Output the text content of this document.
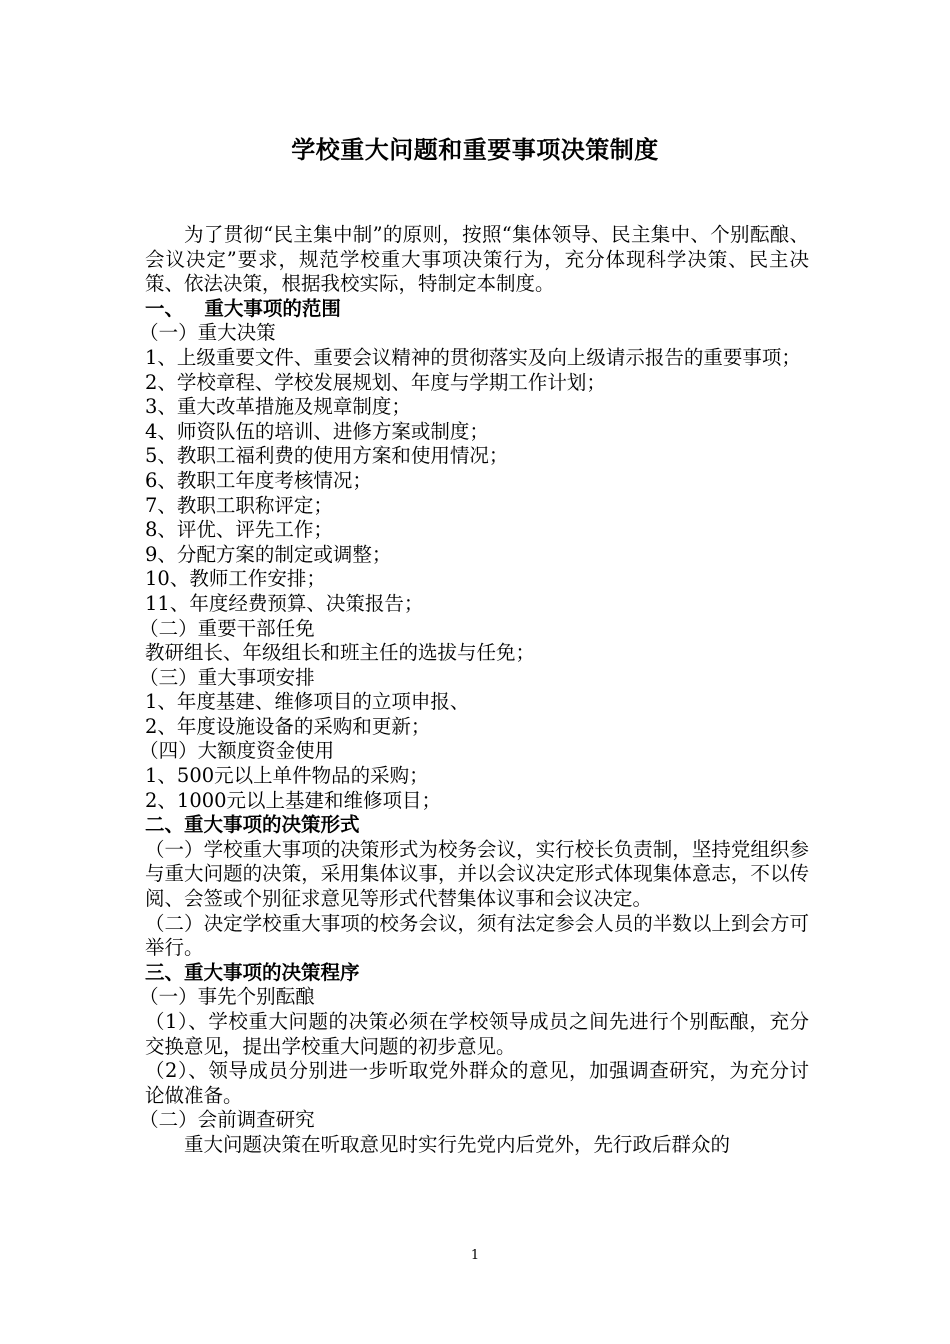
学校重大问题和重要事项决策制度

为了贯彻“民主集中制”的原则，按照“集体领导、民主集中、个别酝酿、会议决定”要求，规范学校重大事项决策行为，充分体现科学决策、民主决策、依法决策，根据我校实际，特制定本制度。

一、   重大事项的范围

（一）重大决策

1、上级重要文件、重要会议精神的贯彻落实及向上级请示报告的重要事项；

2、学校章程、学校发展规划、年度与学期工作计划；

3、重大改革措施及规章制度；

4、师资队伍的培训、进修方案或制度；

5、教职工福利费的使用方案和使用情况；

6、教职工年度考核情况；

7、教职工职称评定；

8、评优、评先工作；

9、分配方案的制定或调整；

10、教师工作安排；

11、年度经费预算、决策报告；

（二）重要干部任免

教研组长、年级组长和班主任的选拔与任免；

（三）重大事项安排

1、年度基建、维修项目的立项申报、

2、年度设施设备的采购和更新；

（四）大额度资金使用

1、500元以上单件物品的采购；

2、1000元以上基建和维修项目；

二、重大事项的决策形式

（一）学校重大事项的决策形式为校务会议，实行校长负责制，坚持党组织参与重大问题的决策，采用集体议事，并以会议决定形式体现集体意志，不以传阅、会签或个别征求意见等形式代替集体议事和会议决定。

（二）决定学校重大事项的校务会议，须有法定参会人员的半数以上到会方可举行。

三、重大事项的决策程序

（一）事先个别酝酿

（1）、学校重大问题的决策必须在学校领导成员之间先进行个别酝酿，充分交换意见，提出学校重大问题的初步意见。

（2）、领导成员分别进一步听取党外群众的意见，加强调查研究，为充分讨论做准备。

（二）会前调查研究

重大问题决策在听取意见时实行先党内后党外，先行政后群众的

1
